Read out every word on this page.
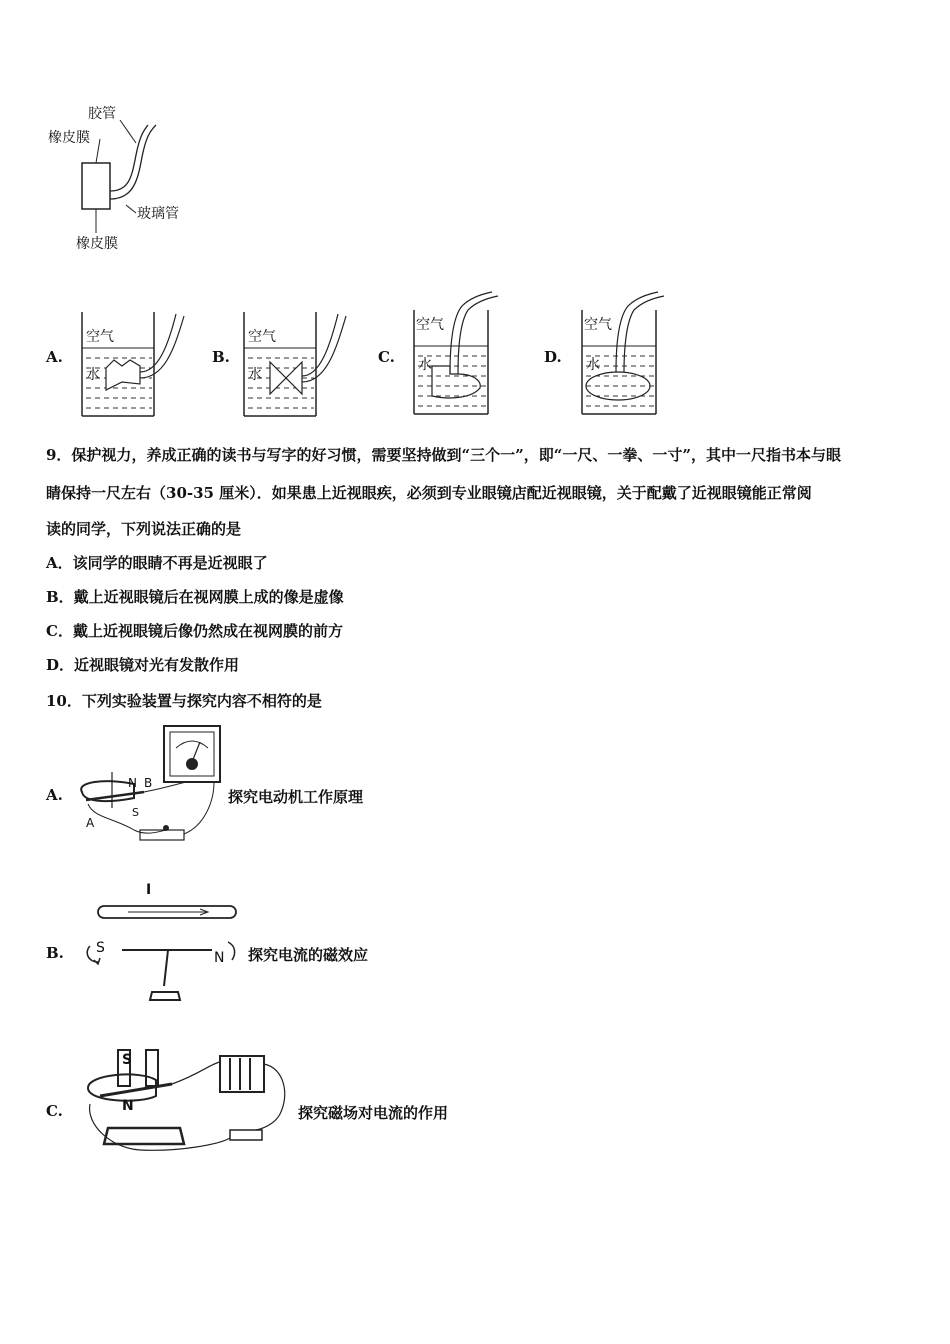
胶管
橡皮膜
玻璃管
橡皮膜
A.
空气
水
B.
空气
水
C.
空气
水	D.
空气
水
9．保护视力，养成正确的读书与写字的好习惯，需要坚持做到“三个一”，即“一尺、一拳、一寸”，其中一尺指书本与眼
睛保持一尺左右（30-35 厘米）．如果患上近视眼疾，必须到专业眼镜店配近视眼镜，关于配戴了近视眼镜能正常阅
读的同学，下列说法正确的是
A．该同学的眼睛不再是近视眼了
B．戴上近视眼镜后在视网膜上成的像是虚像
C．戴上近视眼镜后像仍然成在视网膜的前方
D．近视眼镜对光有发散作用
10．下列实验装置与探究内容不相符的是
A.
N B
S
A
探究电动机工作原理
B.
I
S
N 探究电流的磁效应
C.
S
N	探究磁场对电流的作用
